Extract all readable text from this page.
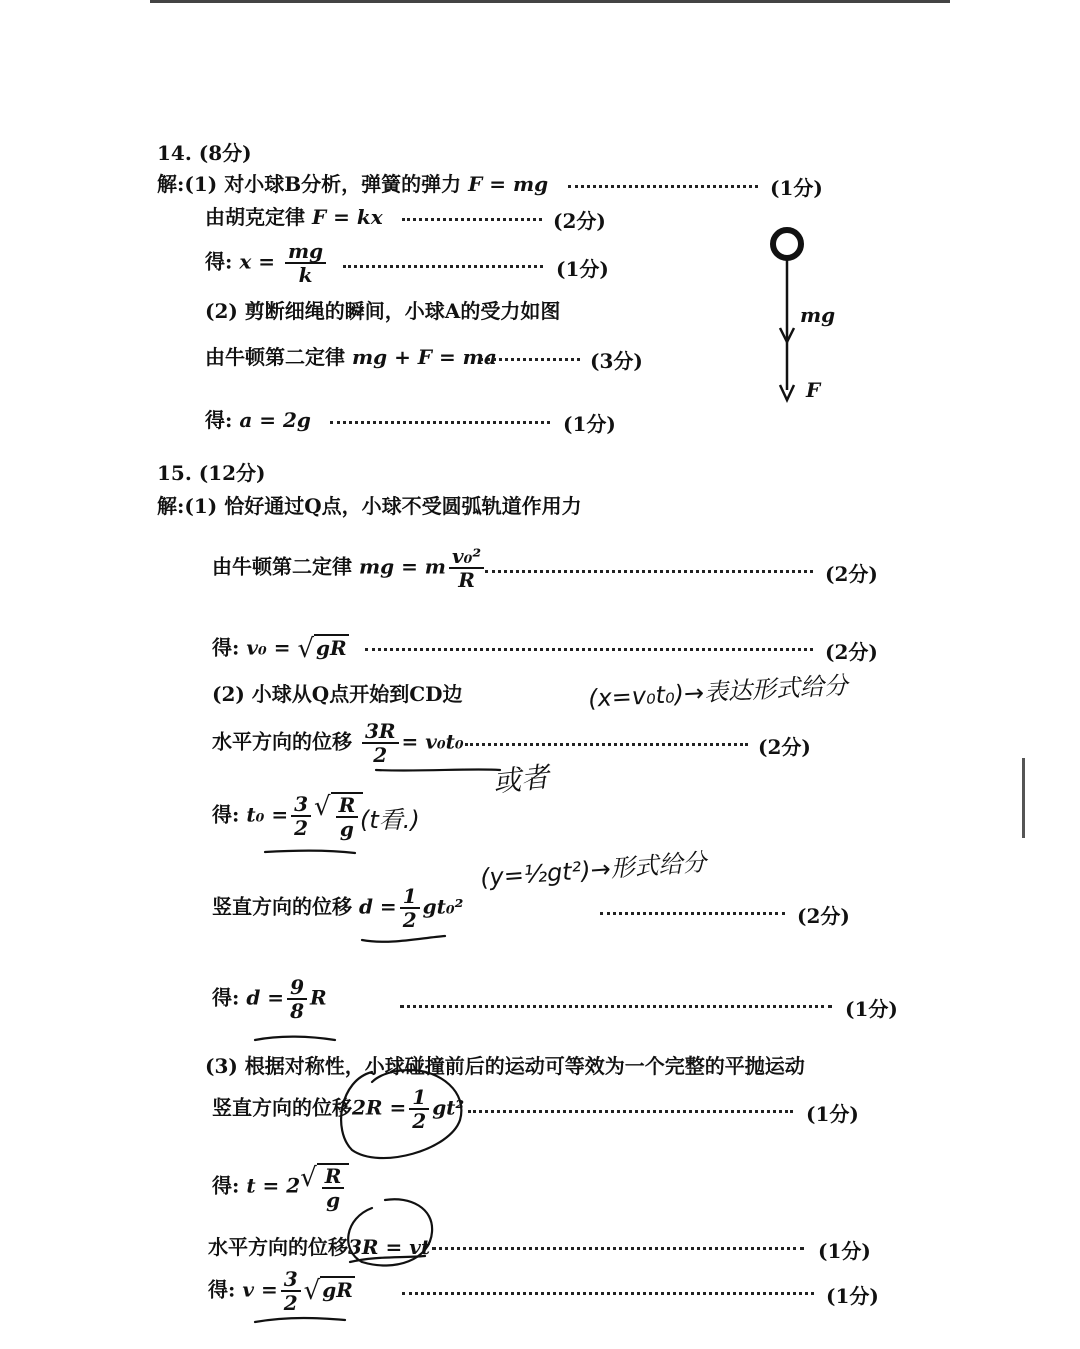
14. (8分)
解:(1) 对小球B分析，弹簧的弹力 F = mg	(1分)
由胡克定律 F = kx	(2分)
得: $x = \frac{mg}{k}$	(1分)
(2) 剪断细绳的瞬间，小球A的受力如图
由牛顿第二定律 mg + F = ma	(3分)
得: a = 2g	(1分)
mg
F
15. (12分)
解:(1) 恰好通过Q点，小球不受圆弧轨道作用力
由牛顿第二定律 mg = m $\frac{\text{v₀²}}{R}$	(2分)
得: v₀ = √ gR	(2分)
(2) 小球从Q点开始到CD边
水平方向的位移 $\frac{3R}{2} = v_0t_0$	(2分)
得: $t_0 = \frac{3}{2}$ √ $\frac{R}{g}$
竖直方向的位移 $d = \frac{1}{2} gt_0^2$	(2分)
得: $d = \frac{9}{8}$ R	(1分)
(3) 根据对称性，小球碰撞前后的运动可等效为一个完整的平抛运动
竖直方向的位移$2R = \frac{1}{2} gt^2$	(1分)
得: t = 2 √ $\frac{R}{g}$
水平方向的位移3R = vt	(1分)
得: $v = \frac{3}{2}$ √ gR	(1分)
(x=v₀t₀)→表达形式给分
(t看.)
或者
(y=½gt²)→形式给分
